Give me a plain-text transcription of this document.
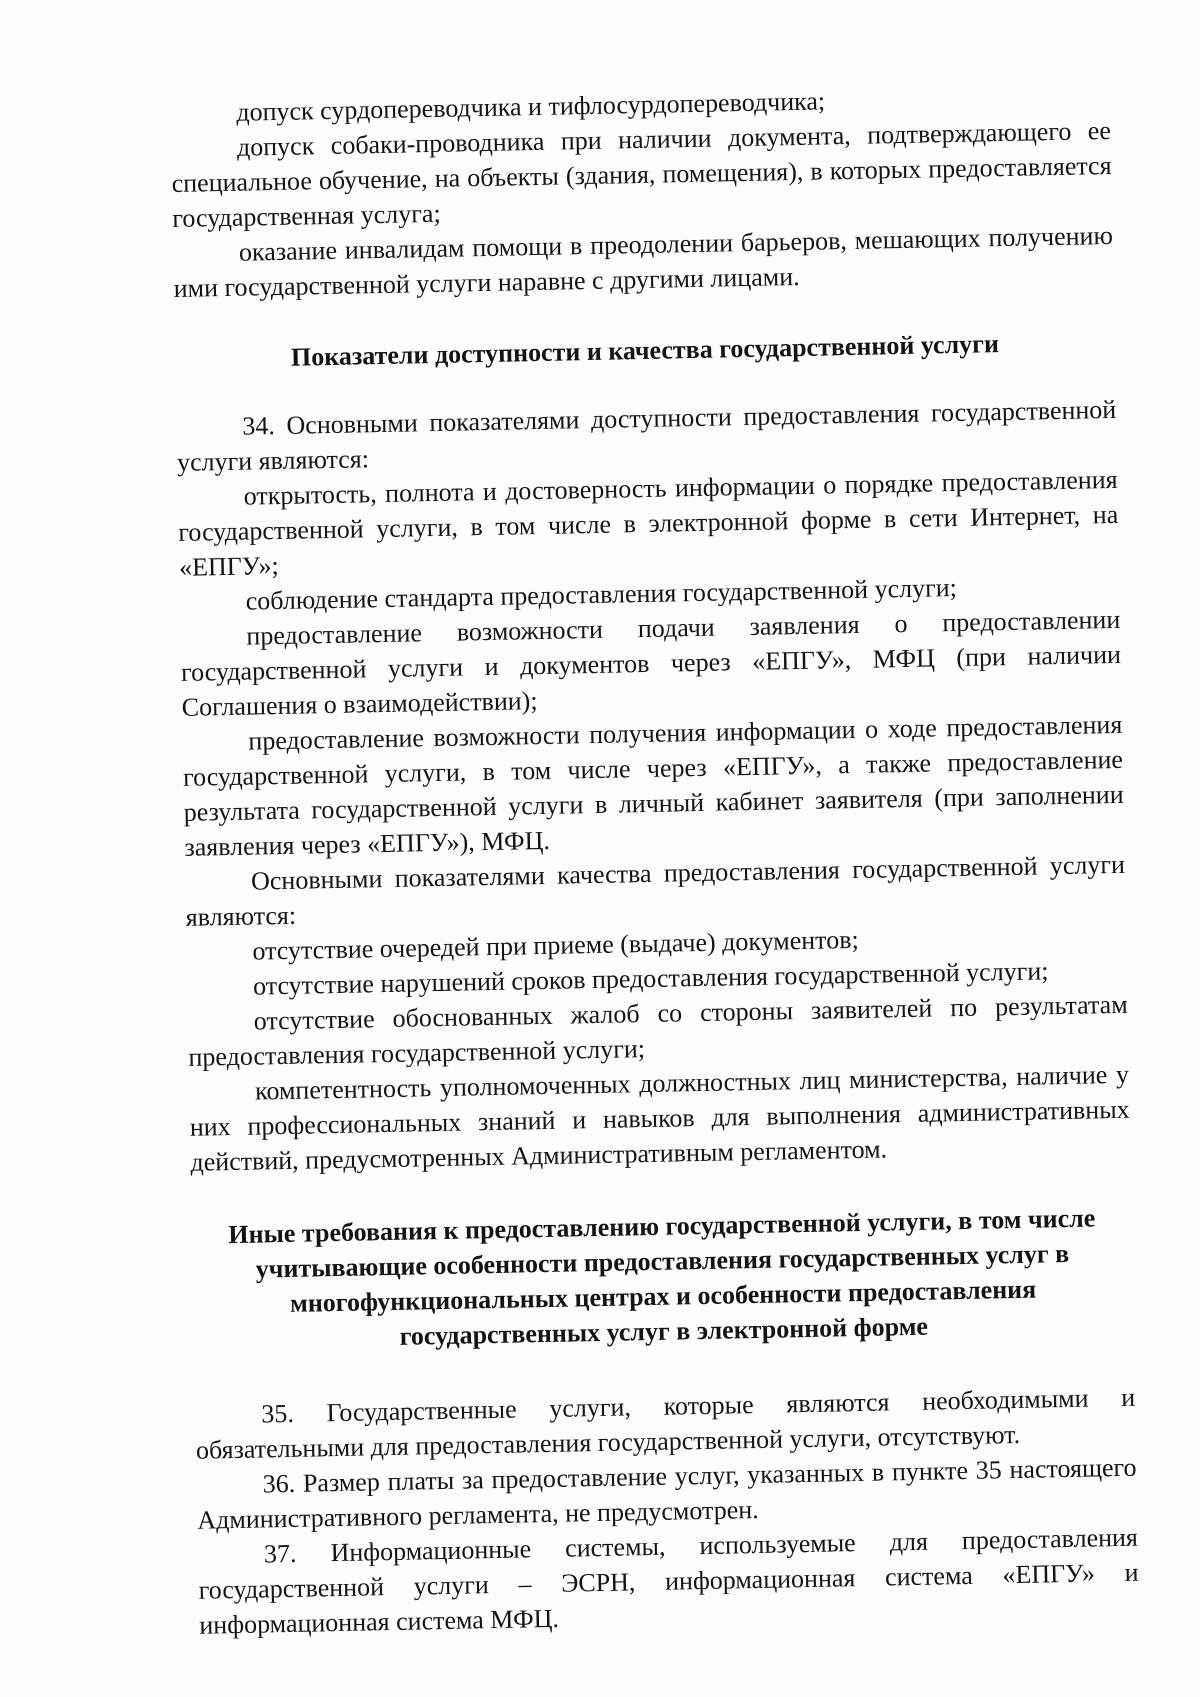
допуск сурдопереводчика и тифлосурдопереводчика;

допуск собаки-проводника при наличии документа, подтверждающего ее специальное обучение, на объекты (здания, помещения), в которых предоставляется государственная услуга;

оказание инвалидам помощи в преодолении барьеров, мешающих получению ими государственной услуги наравне с другими лицами.

Показатели доступности и качества государственной услуги

34. Основными показателями доступности предоставления государственной услуги являются:

открытость, полнота и достоверность информации о порядке предоставления государственной услуги, в том числе в электронной форме в сети Интернет, на «ЕПГУ»;

соблюдение стандарта предоставления государственной услуги;

предоставление возможности подачи заявления о предоставлении государственной услуги и документов через «ЕПГУ», МФЦ (при наличии Соглашения о взаимодействии);

предоставление возможности получения информации о ходе предоставления государственной услуги, в том числе через «ЕПГУ», а также предоставление результата государственной услуги в личный кабинет заявителя (при заполнении заявления через «ЕПГУ»), МФЦ.

Основными показателями качества предоставления государственной услуги являются:

отсутствие очередей при приеме (выдаче) документов;

отсутствие нарушений сроков предоставления государственной услуги;

отсутствие обоснованных жалоб со стороны заявителей по результатам предоставления государственной услуги;

компетентность уполномоченных должностных лиц министерства, наличие у них профессиональных знаний и навыков для выполнения административных действий, предусмотренных Административным регламентом.

Иные требования к предоставлению государственной услуги, в том числе учитывающие особенности предоставления государственных услуг в многофункциональных центрах и особенности предоставления государственных услуг в электронной форме

35. Государственные услуги, которые являются необходимыми и обязательными для предоставления государственной услуги, отсутствуют.

36. Размер платы за предоставление услуг, указанных в пункте 35 настоящего Административного регламента, не предусмотрен.

37. Информационные системы, используемые для предоставления государственной услуги – ЭСРН, информационная система «ЕПГУ» и информационная система МФЦ.
